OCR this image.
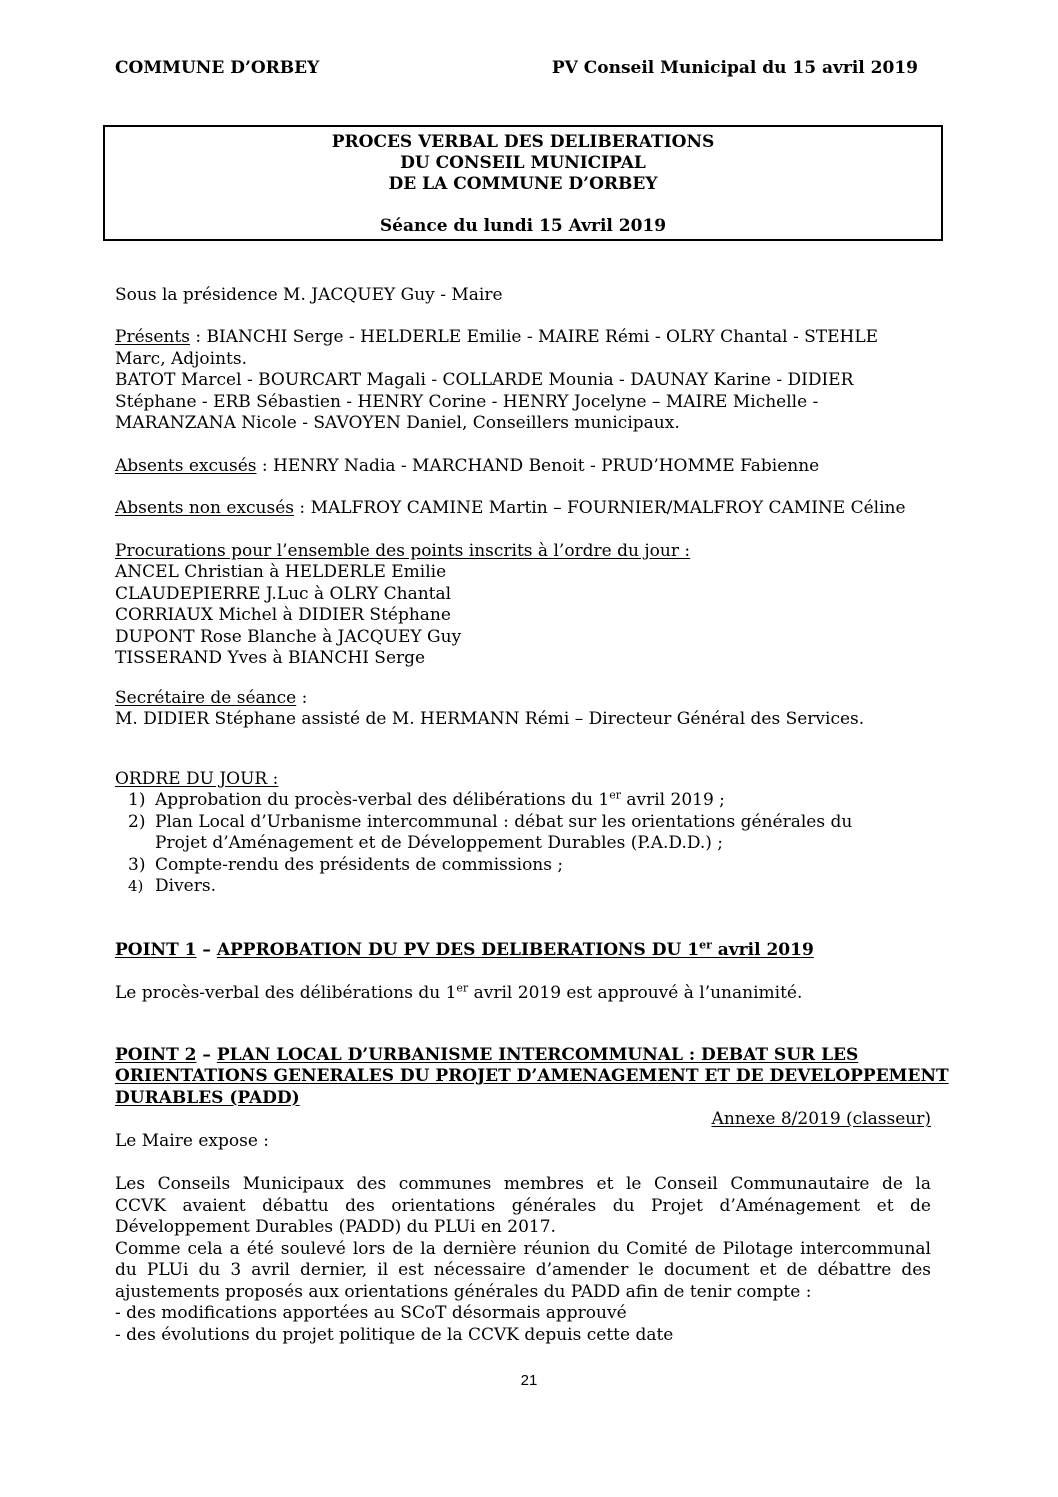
COMMUNE D’ORBEY	PV Conseil Municipal du 15 avril 2019
PROCES VERBAL DES DELIBERATIONS
DU CONSEIL MUNICIPAL
DE LA COMMUNE D’ORBEY
Séance du lundi 15 Avril 2019
Sous la présidence M. JACQUEY Guy - Maire
Présents : BIANCHI Serge - HELDERLE Emilie - MAIRE Rémi - OLRY Chantal - STEHLE
Marc, Adjoints.
BATOT Marcel - BOURCART Magali - COLLARDE Mounia - DAUNAY Karine - DIDIER
Stéphane - ERB Sébastien - HENRY Corine - HENRY Jocelyne – MAIRE Michelle -
MARANZANA Nicole - SAVOYEN Daniel, Conseillers municipaux.
Absents excusés : HENRY Nadia - MARCHAND Benoit - PRUD’HOMME Fabienne
Absents non excusés : MALFROY CAMINE Martin – FOURNIER/MALFROY CAMINE Céline
Procurations pour l’ensemble des points inscrits à l’ordre du jour :
ANCEL Christian à HELDERLE Emilie
CLAUDEPIERRE J.Luc à OLRY Chantal
CORRIAUX Michel à DIDIER Stéphane
DUPONT Rose Blanche à JACQUEY Guy
TISSERAND Yves à BIANCHI Serge
Secrétaire de séance :
M. DIDIER Stéphane assisté de M. HERMANN Rémi – Directeur Général des Services.
ORDRE DU JOUR :
1) Approbation du procès-verbal des délibérations du 1er avril 2019 ;
2) Plan Local d’Urbanisme intercommunal : débat sur les orientations générales du
Projet d’Aménagement et de Développement Durables (P.A.D.D.) ;
3) Compte-rendu des présidents de commissions ;
4) Divers.
POINT 1 – APPROBATION DU PV DES DELIBERATIONS DU 1er avril 2019
Le procès-verbal des délibérations du 1er avril 2019 est approuvé à l’unanimité.
POINT 2 – PLAN LOCAL D’URBANISME INTERCOMMUNAL : DEBAT SUR LES
ORIENTATIONS GENERALES DU PROJET D’AMENAGEMENT ET DE DEVELOPPEMENT
DURABLES (PADD)
Annexe 8/2019 (classeur)
Le Maire expose :
Les Conseils Municipaux des communes membres et le Conseil Communautaire de la
CCVK avaient débattu des orientations générales du Projet d’Aménagement et de
Développement Durables (PADD) du PLUi en 2017.
Comme cela a été soulevé lors de la dernière réunion du Comité de Pilotage intercommunal
du PLUi du 3 avril dernier, il est nécessaire d’amender le document et de débattre des
ajustements proposés aux orientations générales du PADD afin de tenir compte :
- des modifications apportées au SCoT désormais approuvé
- des évolutions du projet politique de la CCVK depuis cette date
21
